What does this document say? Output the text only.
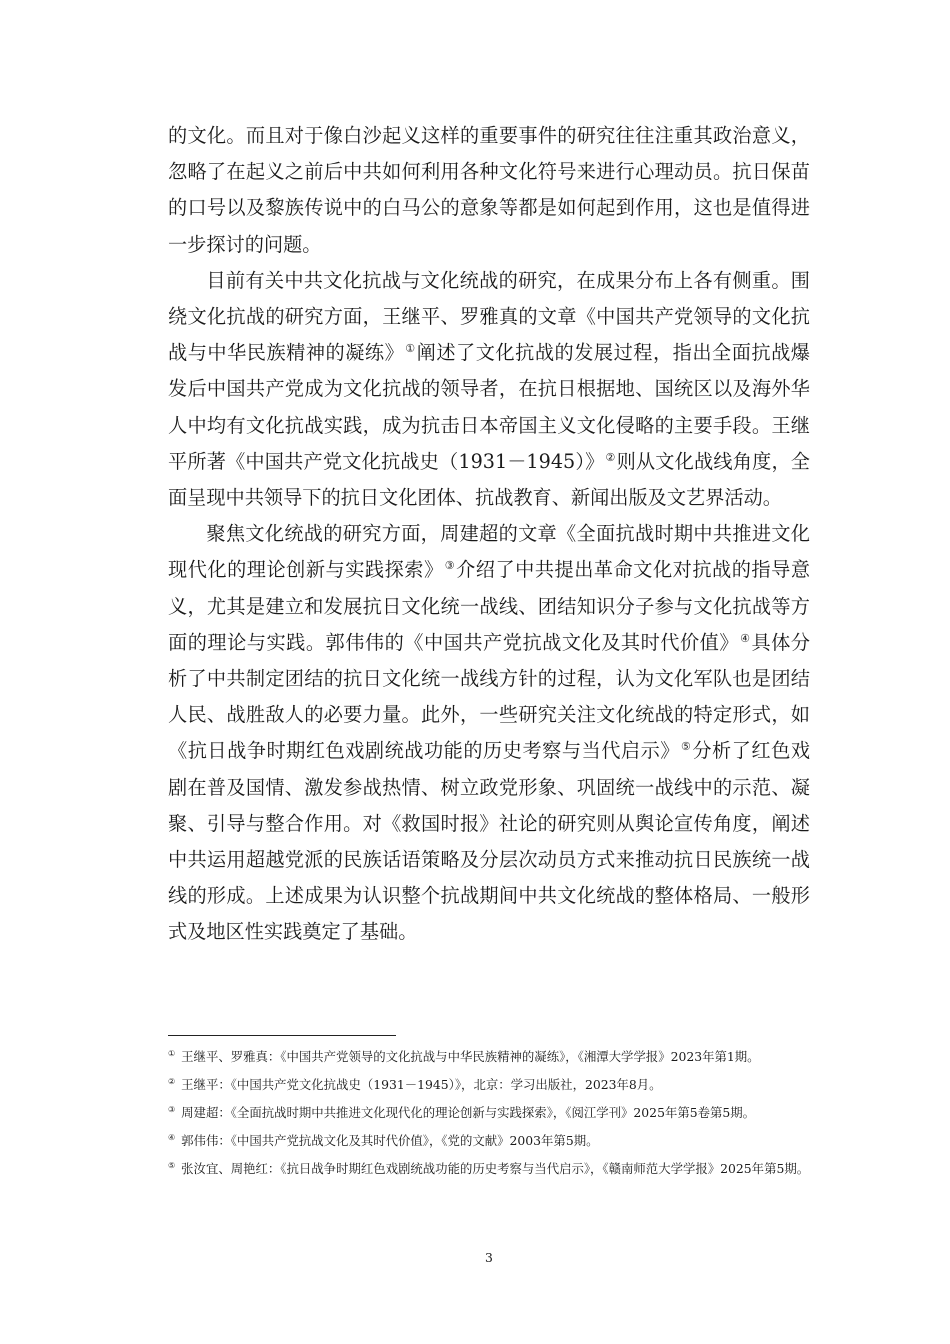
的文化。而且对于像白沙起义这样的重要事件的研究往往注重其政治意义，忽略了在起义之前后中共如何利用各种文化符号来进行心理动员。抗日保苗的口号以及黎族传说中的白马公的意象等都是如何起到作用，这也是值得进一步探讨的问题。

目前有关中共文化抗战与文化统战的研究，在成果分布上各有侧重。围绕文化抗战的研究方面，王继平、罗雅真的文章《中国共产党领导的文化抗战与中华民族精神的凝练》①阐述了文化抗战的发展过程，指出全面抗战爆发后中国共产党成为文化抗战的领导者，在抗日根据地、国统区以及海外华人中均有文化抗战实践，成为抗击日本帝国主义文化侵略的主要手段。王继平所著《中国共产党文化抗战史（1931－1945）》②则从文化战线角度，全面呈现中共领导下的抗日文化团体、抗战教育、新闻出版及文艺界活动。

聚焦文化统战的研究方面，周建超的文章《全面抗战时期中共推进文化现代化的理论创新与实践探索》③介绍了中共提出革命文化对抗战的指导意义，尤其是建立和发展抗日文化统一战线、团结知识分子参与文化抗战等方面的理论与实践。郭伟伟的《中国共产党抗战文化及其时代价值》④具体分析了中共制定团结的抗日文化统一战线方针的过程，认为文化军队也是团结人民、战胜敌人的必要力量。此外，一些研究关注文化统战的特定形式，如《抗日战争时期红色戏剧统战功能的历史考察与当代启示》⑤分析了红色戏剧在普及国情、激发参战热情、树立政党形象、巩固统一战线中的示范、凝聚、引导与整合作用。对《救国时报》社论的研究则从舆论宣传角度，阐述中共运用超越党派的民族话语策略及分层次动员方式来推动抗日民族统一战线的形成。上述成果为认识整个抗战期间中共文化统战的整体格局、一般形式及地区性实践奠定了基础。

① 王继平、罗雅真：《中国共产党领导的文化抗战与中华民族精神的凝练》，《湘潭大学学报》2023年第1期。
② 王继平：《中国共产党文化抗战史（1931－1945）》，北京：学习出版社，2023年8月。
③ 周建超：《全面抗战时期中共推进文化现代化的理论创新与实践探索》，《阅江学刊》2025年第5卷第5期。
④ 郭伟伟：《中国共产党抗战文化及其时代价值》，《党的文献》2003年第5期。
⑤ 张汝宜、周艳红：《抗日战争时期红色戏剧统战功能的历史考察与当代启示》，《赣南师范大学学报》2025年第5期。
3
